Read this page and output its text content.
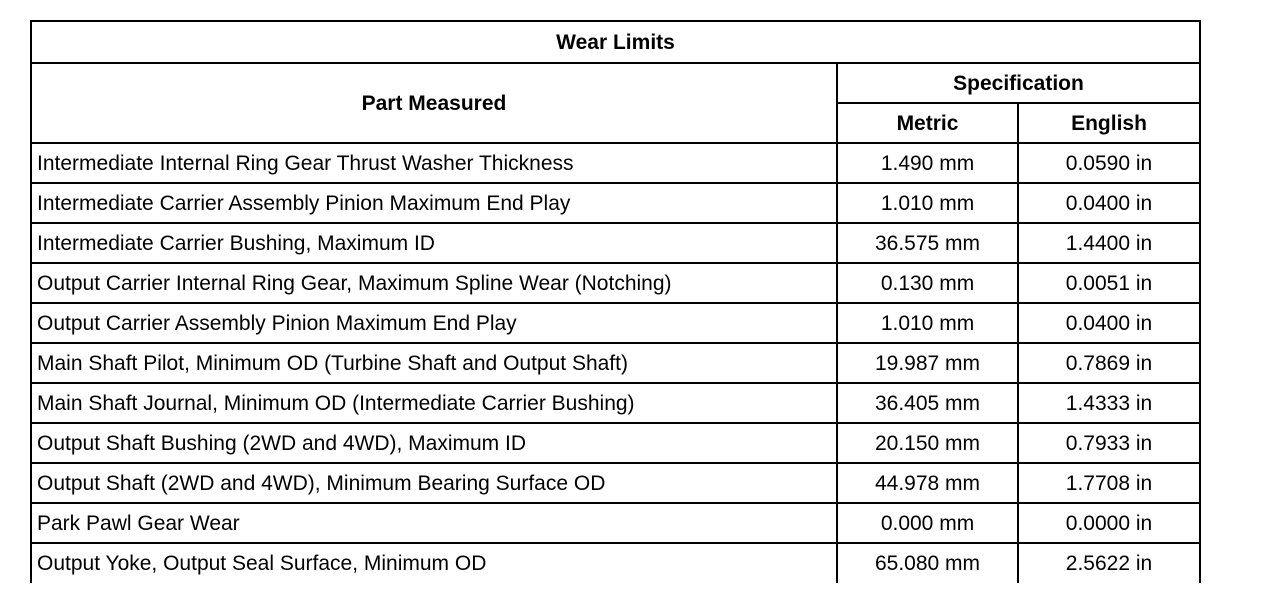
Wear Limits		
Part Measured	Specification	
	Metric	English
Intermediate Internal Ring Gear Thrust Washer Thickness	1.490 mm	0.0590 in
Intermediate Carrier Assembly Pinion Maximum End Play	1.010 mm	0.0400 in
Intermediate Carrier Bushing, Maximum ID	36.575 mm	1.4400 in
Output Carrier Internal Ring Gear, Maximum Spline Wear (Notching)	0.130 mm	0.0051 in
Output Carrier Assembly Pinion Maximum End Play	1.010 mm	0.0400 in
Main Shaft Pilot, Minimum OD (Turbine Shaft and Output Shaft)	19.987 mm	0.7869 in
Main Shaft Journal, Minimum OD (Intermediate Carrier Bushing)	36.405 mm	1.4333 in
Output Shaft Bushing (2WD and 4WD), Maximum ID	20.150 mm	0.7933 in
Output Shaft (2WD and 4WD), Minimum Bearing Surface OD	44.978 mm	1.7708 in
Park Pawl Gear Wear	0.000 mm	0.0000 in
Output Yoke, Output Seal Surface, Minimum OD	65.080 mm	2.5622 in
